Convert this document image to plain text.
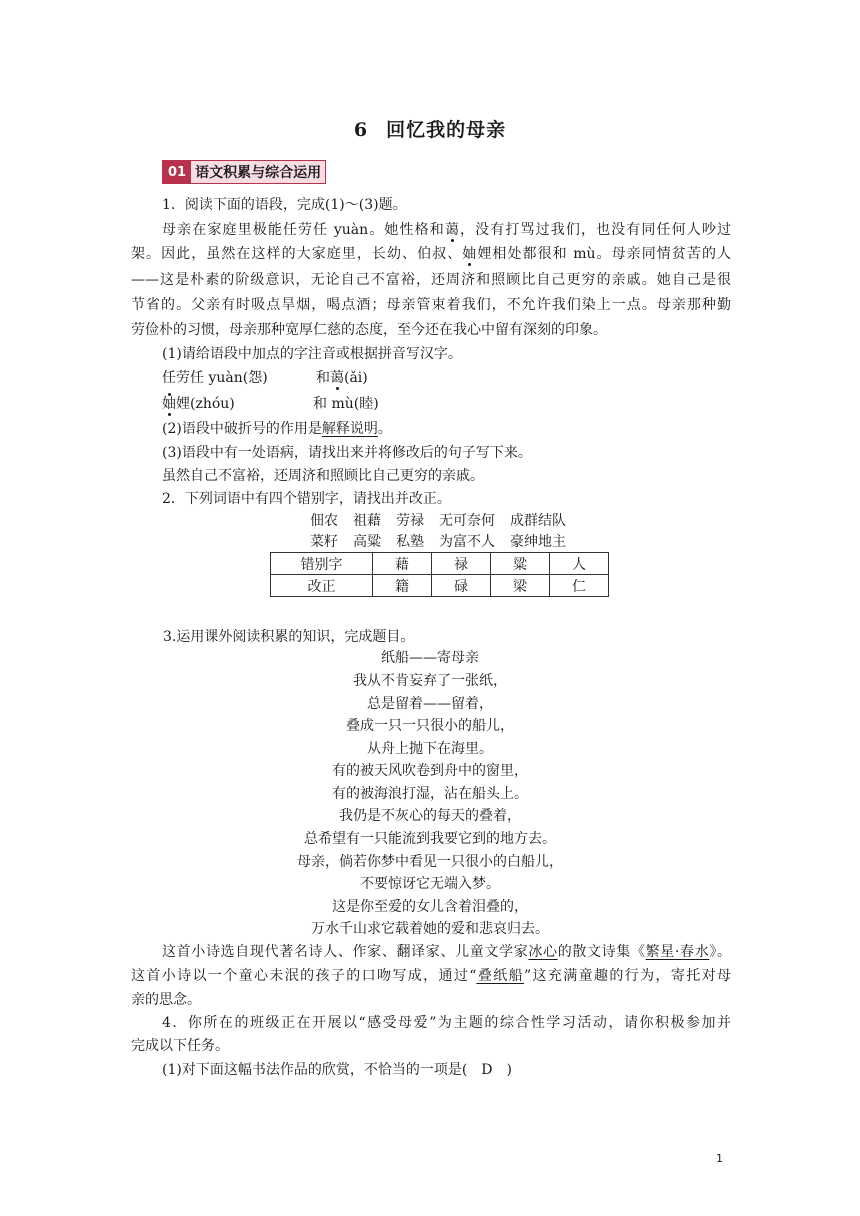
6 回忆我的母亲
01 语文积累与综合运用
1．阅读下面的语段，完成(1)～(3)题。
母亲在家庭里极能任劳任 yuàn。她性格和蔼，没有打骂过我们，也没有同任何人吵过
架。因此，虽然在这样的大家庭里，长幼、伯叔、妯娌相处都很和 mù。母亲同情贫苦的人
——这是朴素的阶级意识，无论自己不富裕，还周济和照顾比自己更穷的亲戚。她自己是很
节省的。父亲有时吸点旱烟，喝点酒；母亲管束着我们，不允许我们染上一点。母亲那种勤
劳俭朴的习惯，母亲那种宽厚仁慈的态度，至今还在我心中留有深刻的印象。
(1)请给语段中加点的字注音或根据拼音写汉字。
任劳任 yuàn(怨)	和蔼(ǎi)
妯娌(zhóu)	和 mù(睦)
(2)语段中破折号的作用是解释说明。
(3)语段中有一处语病，请找出来并将修改后的句子写下来。
虽然自己不富裕，还周济和照顾比自己更穷的亲戚。
2．下列词语中有四个错别字，请找出并改正。
佃农 祖藉 劳禄 无可奈何 成群结队
菜籽 高粱 私塾 为富不人 豪绅地主
错别字	藉	禄	粱	人
改正	籍	碌	梁	仁
3.运用课外阅读积累的知识，完成题目。
纸船——寄母亲
我从不肯妄弃了一张纸，
总是留着——留着，
叠成一只一只很小的船儿，
从舟上抛下在海里。
有的被天风吹卷到舟中的窗里，
有的被海浪打湿，沾在船头上。
我仍是不灰心的每天的叠着，
总希望有一只能流到我要它到的地方去。
母亲，倘若你梦中看见一只很小的白船儿，
不要惊讶它无端入梦。
这是你至爱的女儿含着泪叠的，
万水千山求它载着她的爱和悲哀归去。
这首小诗选自现代著名诗人、作家、翻译家、儿童文学家冰心的散文诗集《繁星·春水》。
这首小诗以一个童心未泯的孩子的口吻写成，通过“叠纸船”这充满童趣的行为，寄托对母
亲的思念。
4．你所在的班级正在开展以“感受母爱”为主题的综合性学习活动，请你积极参加并
完成以下任务。
(1)对下面这幅书法作品的欣赏，不恰当的一项是(　D　)
1
